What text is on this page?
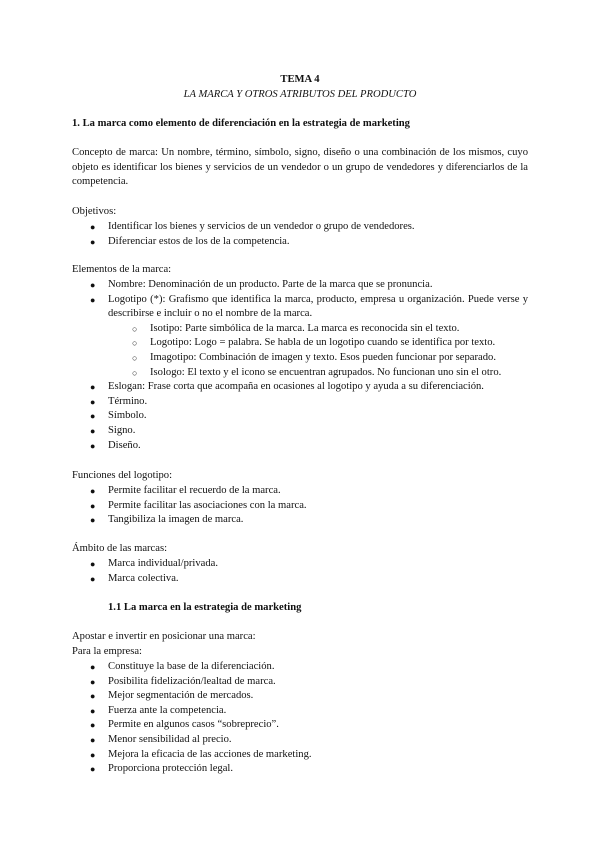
TEMA 4
LA MARCA Y OTROS ATRIBUTOS DEL PRODUCTO
1. La marca como elemento de diferenciación en la estrategia de marketing
Concepto de marca: Un nombre, término, símbolo, signo, diseño o una combinación de los mismos, cuyo objeto es identificar los bienes y servicios de un vendedor o un grupo de vendedores y diferenciarlos de la competencia.
Objetivos:
● Identificar los bienes y servicios de un vendedor o grupo de vendedores.
● Diferenciar estos de los de la competencia.
Elementos de la marca:
● Nombre: Denominación de un producto. Parte de la marca que se pronuncia.
● Logotipo (*): Grafismo que identifica la marca, producto, empresa u organización. Puede verse y describirse e incluir o no el nombre de la marca.
○ Isotipo: Parte simbólica de la marca. La marca es reconocida sin el texto.
○ Logotipo: Logo = palabra. Se habla de un logotipo cuando se identifica por texto.
○ Imagotipo: Combinación de imagen y texto. Esos pueden funcionar por separado.
○ Isologo: El texto y el icono se encuentran agrupados. No funcionan uno sin el otro.
● Eslogan: Frase corta que acompaña en ocasiones al logotipo y ayuda a su diferenciación.
● Término.
● Símbolo.
● Signo.
● Diseño.
Funciones del logotipo:
● Permite facilitar el recuerdo de la marca.
● Permite facilitar las asociaciones con la marca.
● Tangibiliza la imagen de marca.
Ámbito de las marcas:
● Marca individual/privada.
● Marca colectiva.
1.1 La marca en la estrategia de marketing
Apostar e invertir en posicionar una marca:
Para la empresa:
● Constituye la base de la diferenciación.
● Posibilita fidelización/lealtad de marca.
● Mejor segmentación de mercados.
● Fuerza ante la competencia.
● Permite en algunos casos “sobreprecio”.
● Menor sensibilidad al precio.
● Mejora la eficacia de las acciones de marketing.
● Proporciona protección legal.
